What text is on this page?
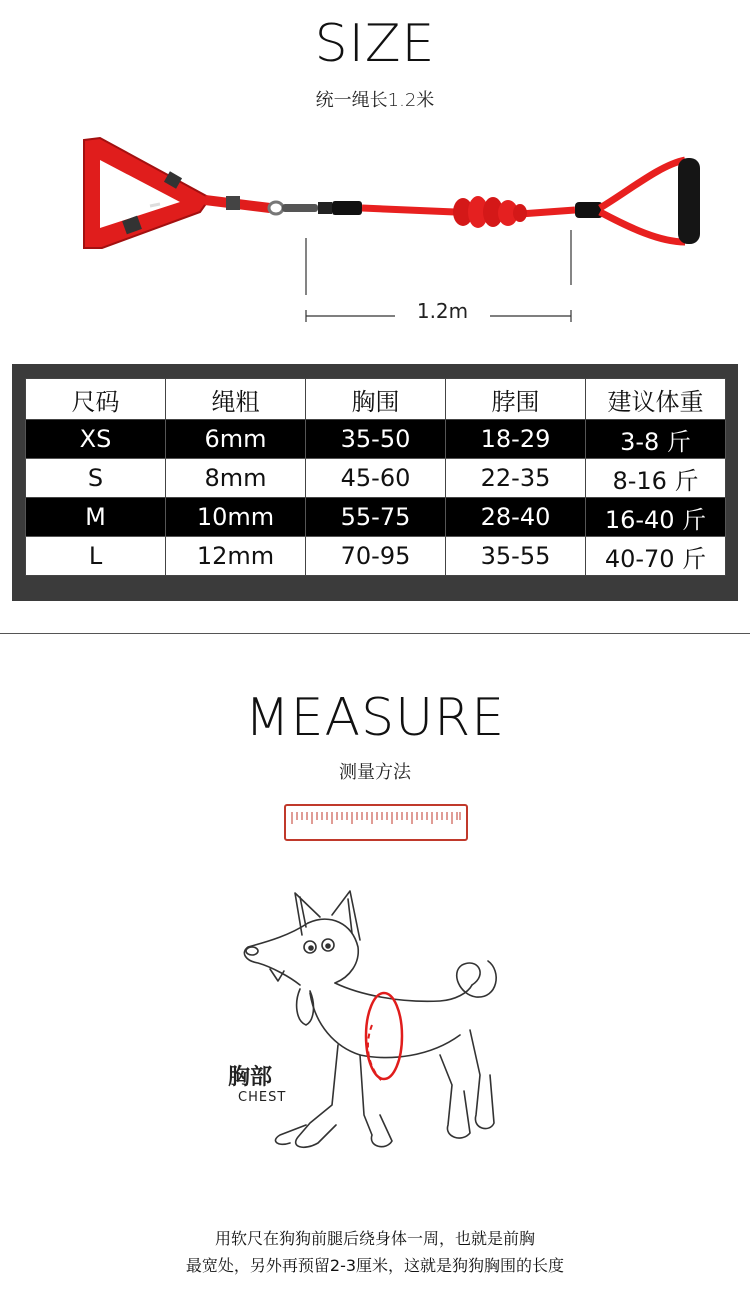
SIZE
统一绳长1.2米
1.2m
尺码	绳粗	胸围	脖围	建议体重
XS	6mm	35-50	18-29	3-8 斤
S	8mm	45-60	22-35	8-16 斤
M	10mm	55-75	28-40	16-40 斤
L	12mm	70-95	35-55	40-70 斤
MEASURE
测量方法
胸部
CHEST
用软尺在狗狗前腿后绕身体一周，也就是前胸
最宽处，另外再预留2-3厘米，这就是狗狗胸围的长度
